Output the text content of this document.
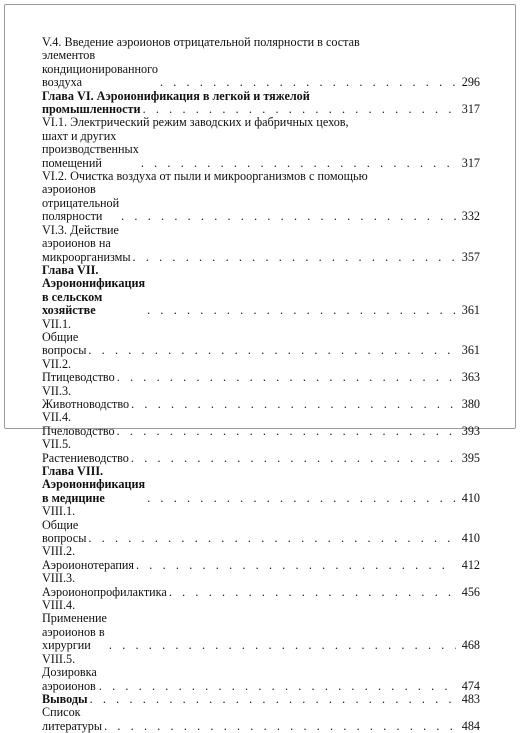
V.4. Введение аэроионов отрицательной полярности в состав
элементов кондиционированного воздуха . . .	296
Глава VI. Аэроионификация в легкой и тяжелой
промышленности . . .	317
VI.1. Электрический режим заводских и фабричных цехов,
шахт и других производственных помещений . . .	317
VI.2. Очистка воздуха от пыли и микроорганизмов с помощью
аэроионов отрицательной полярности . . .	332
VI.3. Действие аэроионов на микроорганизмы . . .	357
Глава VII. Аэроионификация в сельском хозяйстве . . .	361
VII.1. Общие вопросы . . .	361
VII.2. Птицеводство . . .	363
VII.3. Животноводство . . .	380
VII.4. Пчеловодство . . .	393
VII.5. Растениеводство . . .	395
Глава VIII. Аэроионификация в медицине . . .	410
VIII.1. Общие вопросы . . .	410
VIII.2. Аэроионотерапия . . .	412
VIII.3. Аэроионопрофилактика . . .	456
VIII.4. Применение аэроионов в хирургии . . .	468
VIII.5. Дозировка аэроионов . . .	474
Выводы . . .	483
Список литературы . . .	484
